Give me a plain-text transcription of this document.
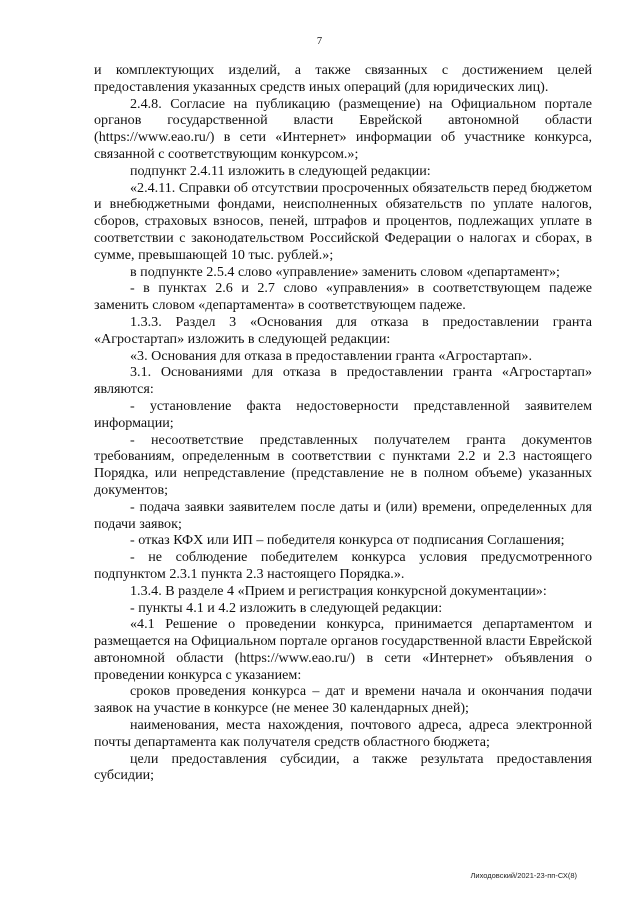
7

и комплектующих изделий, а также связанных с достижением целей предоставления указанных средств иных операций (для юридических лиц).

2.4.8. Согласие на публикацию (размещение) на Официальном портале органов государственной власти Еврейской автономной области (https://www.eao.ru/) в сети «Интернет» информации об участнике конкурса, связанной с соответствующим конкурсом.»;

подпункт 2.4.11 изложить в следующей редакции:

«2.4.11. Справки об отсутствии просроченных обязательств перед бюджетом и внебюджетными фондами, неисполненных обязательств по уплате налогов, сборов, страховых взносов, пеней, штрафов и процентов, подлежащих уплате в соответствии с законодательством Российской Федерации о налогах и сборах, в сумме, превышающей 10 тыс. рублей.»;

в подпункте 2.5.4 слово «управление» заменить словом «департамент»;

- в пунктах 2.6 и 2.7 слово «управления» в соответствующем падеже заменить словом «департамента» в соответствующем падеже.

1.3.3. Раздел 3 «Основания для отказа в предоставлении гранта «Агростартап» изложить в следующей редакции:

«3. Основания для отказа в предоставлении гранта «Агростартап».

3.1. Основаниями для отказа в предоставлении гранта «Агростартап» являются:

- установление факта недостоверности представленной заявителем информации;

- несоответствие представленных получателем гранта документов требованиям, определенным в соответствии с пунктами 2.2 и 2.3 настоящего Порядка, или непредставление (представление не в полном объеме) указанных документов;

- подача заявки заявителем после даты и (или) времени, определенных для подачи заявок;

- отказ КФХ или ИП – победителя конкурса от подписания Соглашения;

- не соблюдение победителем конкурса условия предусмотренного подпунктом 2.3.1 пункта 2.3 настоящего Порядка.».

1.3.4. В разделе 4 «Прием и регистрация конкурсной документации»:

- пункты 4.1 и 4.2 изложить в следующей редакции:

«4.1 Решение о проведении конкурса, принимается департаментом и размещается на Официальном портале органов государственной власти Еврейской автономной области (https://www.eao.ru/) в сети «Интернет» объявления о проведении конкурса с указанием:

сроков проведения конкурса – дат и времени начала и окончания подачи заявок на участие в конкурсе (не менее 30 календарных дней);

наименования, места нахождения, почтового адреса, адреса электронной почты департамента как получателя средств областного бюджета;

цели предоставления субсидии, а также результата предоставления субсидии;

Лиходовский/2021-23-пп-СХ(8)
